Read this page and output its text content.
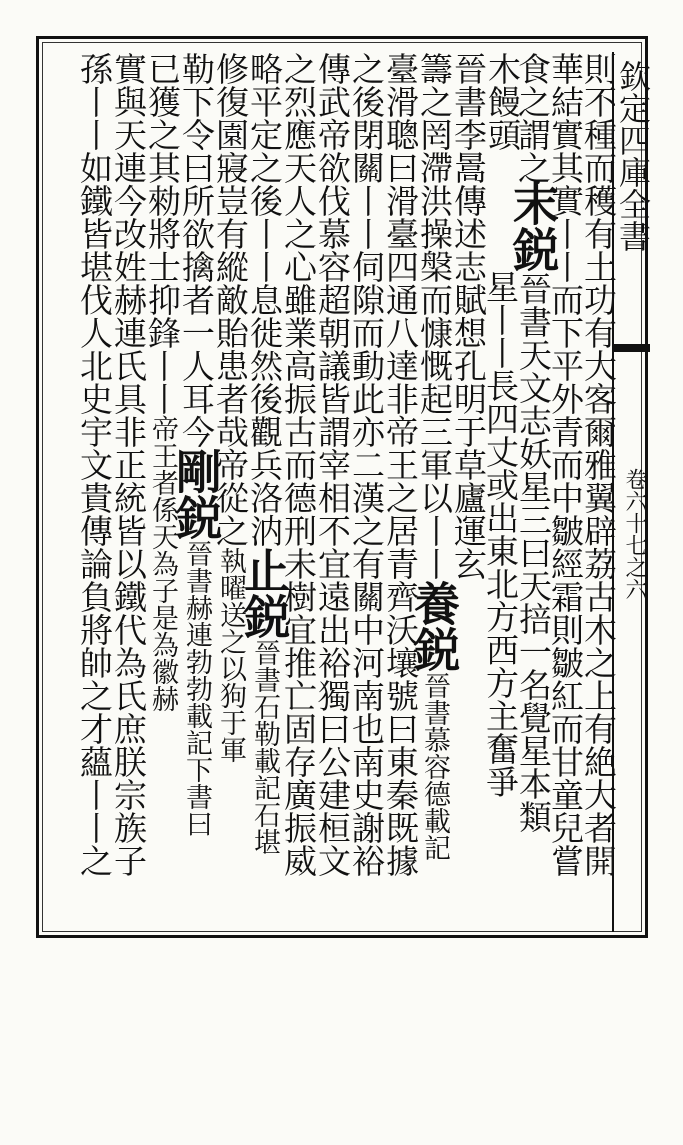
欽定四庫全書
卷六十七之六
則不種而穫有土功有大客爾雅翼辟荔古木之上有絶大者開
華結實其實丨丨而下平外青而中皺經霜則皺紅而甘童兒嘗
食之謂之
木饅頭
末鋭晉書天文志妖星三曰天掊一名覺星本類
星丨丨長四丈或出東北方西方主奮爭
晉書李暠傳述志賦想孔明于草廬運玄
籌之罔滯洪操槃而慷慨起三軍以丨丨養鋭晉書慕容德載記
臺滑聰曰滑臺四通八達非帝王之居青齊沃壤號曰東秦既據
之後閉關丨丨伺隙而動此亦二漢之有關中河南也南史謝裕
傳武帝欲伐慕容超朝議皆謂宰相不宜遠出裕獨曰公建桓文
之烈應天人之心雖業高振古而德刑未樹宜推亡固存廣振威
略平定之後丨丨息徙然後觀兵洛汭止鋭晉書石勒載記石堪
修復園寢豈有縱敵貽患者哉帝從之執曜送之以狗于軍
勒下令曰所欲擒者一人耳今剛鋭晉書赫連勃勃載記下書曰
已獲之其勑將士抑鋒丨丨帝王者係天為子是為徽赫
實與天連今改姓赫連氏具非正統皆以鐵代為氏庶朕宗族子
孫丨丨如鐵皆堪伐人北史宇文貴傳論負將帥之才蘊丨丨之
